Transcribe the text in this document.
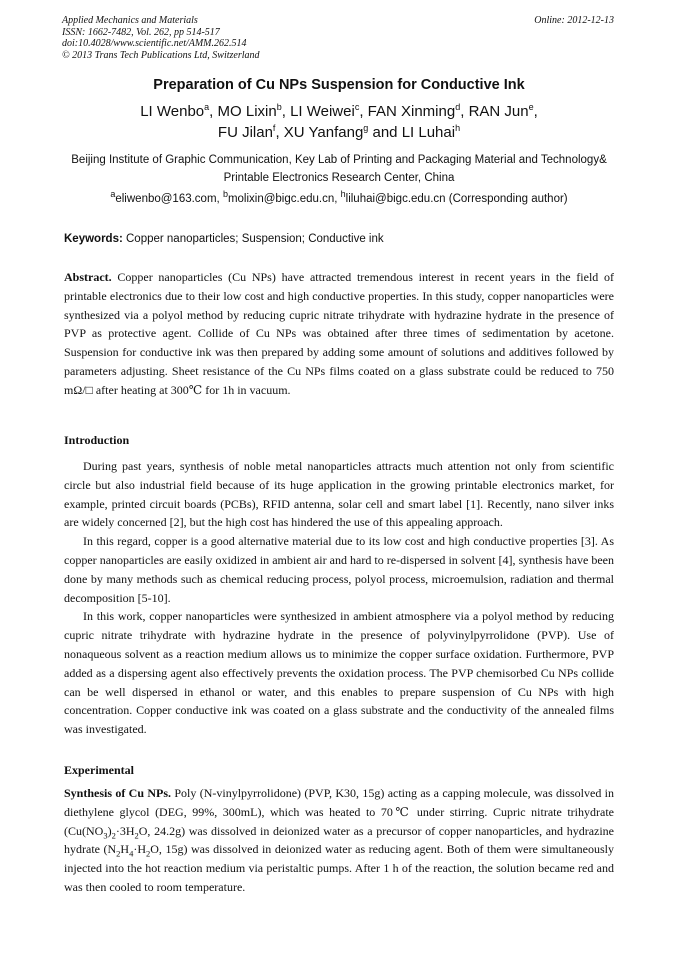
Applied Mechanics and Materials
ISSN: 1662-7482, Vol. 262, pp 514-517
doi:10.4028/www.scientific.net/AMM.262.514
© 2013 Trans Tech Publications Ltd, Switzerland
Online: 2012-12-13
Preparation of Cu NPs Suspension for Conductive Ink
LI Wenbo$^a$, MO Lixin$^b$, LI Weiwei$^c$, FAN Xinming$^d$, RAN Jun$^e$,
FU Jilan$^f$, XU Yanfang$^g$ and LI Luhai$^h$
Beijing Institute of Graphic Communication, Key Lab of Printing and Packaging Material and Technology& Printable Electronics Research Center, China
$^a$eliwenbo@163.com, $^b$molixin@bigc.edu.cn, $^h$liluhai@bigc.edu.cn (Corresponding author)
Keywords: Copper nanoparticles; Suspension; Conductive ink

Abstract. Copper nanoparticles (Cu NPs) have attracted tremendous interest in recent years in the field of printable electronics due to their low cost and high conductive properties. In this study, copper nanoparticles were synthesized via a polyol method by reducing cupric nitrate trihydrate with hydrazine hydrate in the presence of PVP as protective agent. Collide of Cu NPs was obtained after three times of sedimentation by acetone. Suspension for conductive ink was then prepared by adding some amount of solutions and additives followed by parameters adjusting. Sheet resistance of the Cu NPs films coated on a glass substrate could be reduced to 750 mΩ/□ after heating at 300℃ for 1h in vacuum.

Introduction

During past years, synthesis of noble metal nanoparticles attracts much attention not only from scientific circle but also industrial field because of its huge application in the growing printable electronics market, for example, printed circuit boards (PCBs), RFID antenna, solar cell and smart label [1]. Recently, nano silver inks are widely concerned [2], but the high cost has hindered the use of this appealing approach.

In this regard, copper is a good alternative material due to its low cost and high conductive properties [3]. As copper nanoparticles are easily oxidized in ambient air and hard to re-dispersed in solvent [4], synthesis have been done by many methods such as chemical reducing process, polyol process, microemulsion, radiation and thermal decomposition [5-10].

In this work, copper nanoparticles were synthesized in ambient atmosphere via a polyol method by reducing cupric nitrate trihydrate with hydrazine hydrate in the presence of polyvinylpyrrolidone (PVP). Use of nonaqueous solvent as a reaction medium allows us to minimize the copper surface oxidation. Furthermore, PVP added as a dispersing agent also effectively prevents the oxidation process. The PVP chemisorbed Cu NPs collide can be well dispersed in ethanol or water, and this enables to prepare suspension of Cu NPs with high concentration. Copper conductive ink was coated on a glass substrate and the conductivity of the annealed films was investigated.

Experimental

Synthesis of Cu NPs. Poly (N-vinylpyrrolidone) (PVP, K30, 15g) acting as a capping molecule, was dissolved in diethylene glycol (DEG, 99%, 300mL), which was heated to 70℃ under stirring. Cupric nitrate trihydrate ($Cu(NO_3)_2\cdot 3H_2O$, 24.2g) was dissolved in deionized water as a precursor of copper nanoparticles, and hydrazine hydrate ($N_2H_4\cdot H_2O$, 15g) was dissolved in deionized water as reducing agent. Both of them were simultaneously injected into the hot reaction medium via peristaltic pumps. After 1 h of the reaction, the solution became red and was then cooled to room temperature.
